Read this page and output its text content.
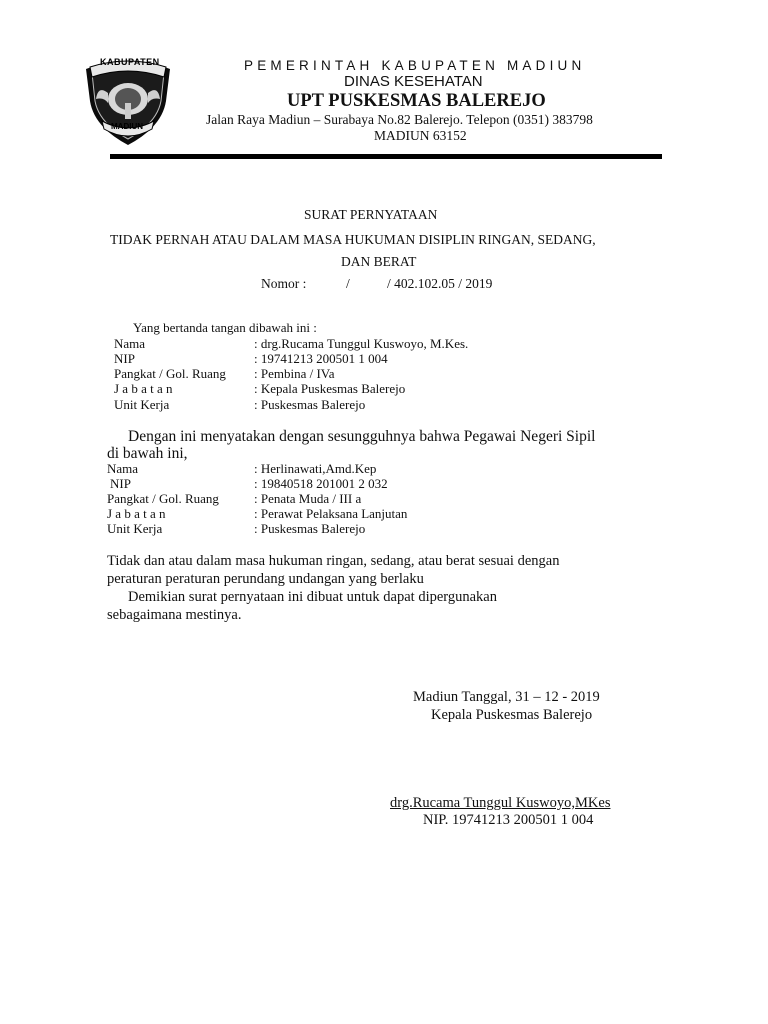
KABUPATEN
MADIUN
PEMERINTAH KABUPATEN MADIUN
DINAS KESEHATAN
UPT PUSKESMAS BALEREJO
Jalan Raya Madiun – Surabaya No.82 Balerejo. Telepon (0351) 383798
MADIUN 63152
SURAT PERNYATAAN
TIDAK PERNAH ATAU DALAM MASA HUKUMAN DISIPLIN RINGAN, SEDANG,
DAN BERAT
Nomor :	/	/ 402.102.05 / 2019
Yang bertanda tangan dibawah ini :
Nama	: drg.Rucama Tunggul Kuswoyo, M.Kes.
NIP	: 19741213 200501 1 004
Pangkat / Gol. Ruang : Pembina / IVa
J a b a t a n	: Kepala Puskesmas Balerejo
Unit Kerja	: Puskesmas Balerejo
Dengan ini menyatakan dengan sesungguhnya bahwa Pegawai Negeri Sipil
di bawah ini,
Nama	: Herlinawati,Amd.Kep
NIP	: 19840518 201001 2 032
Pangkat / Gol. Ruang	: Penata Muda / III a
J a b a t a n	: Perawat Pelaksana Lanjutan
Unit Kerja	: Puskesmas Balerejo
Tidak dan atau dalam masa hukuman ringan, sedang, atau berat sesuai dengan
peraturan peraturan perundang undangan yang berlaku
Demikian surat pernyataan ini dibuat untuk dapat dipergunakan
sebagaimana mestinya.
Madiun Tanggal, 31 – 12 - 2019
Kepala Puskesmas Balerejo
drg.Rucama Tunggul Kuswoyo,MKes
NIP. 19741213 200501 1 004
